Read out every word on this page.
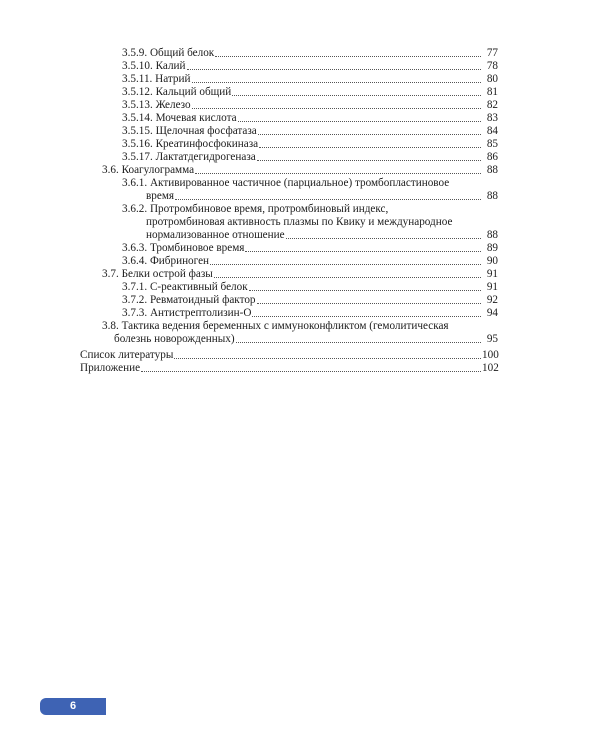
3.5.9. Общий белок	77
3.5.10. Калий	78
3.5.11. Натрий	80
3.5.12. Кальций общий	81
3.5.13. Железо	82
3.5.14. Мочевая кислота	83
3.5.15. Щелочная фосфатаза	84
3.5.16. Креатинфосфокиназа	85
3.5.17. Лактатдегидрогеназа	86
3.6. Коагулограмма	88
3.6.1. Активированное частичное (парциальное) тромбопластиновое
время	88
3.6.2. Протромбиновое время, протромбиновый индекс,
протромбиновая активность плазмы по Квику и международное
нормализованное отношение	88
3.6.3. Тромбиновое время	89
3.6.4. Фибриноген	90
3.7. Белки острой фазы	91
3.7.1. С-реактивный белок	91
3.7.2. Ревматоидный фактор	92
3.7.3. Антистрептолизин-О	94
3.8. Тактика ведения беременных с иммуноконфликтом (гемолитическая
болезнь новорожденных)	95
Список литературы	100
Приложение	102
6
